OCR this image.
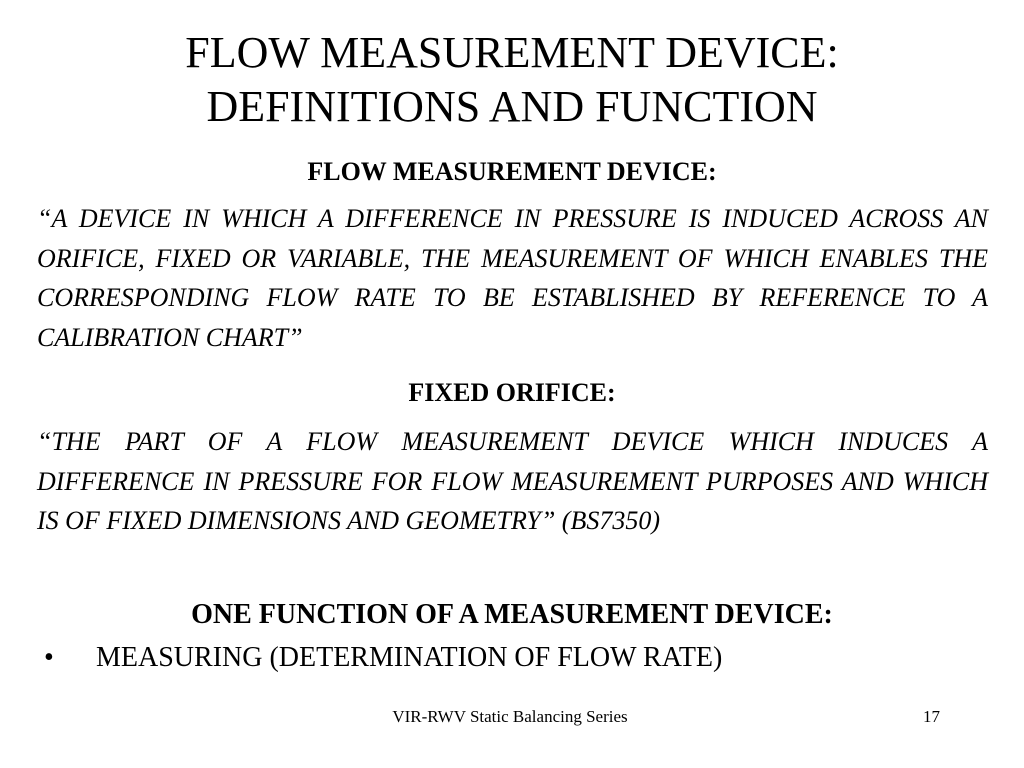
FLOW MEASUREMENT DEVICE:
DEFINITIONS AND FUNCTION
FLOW MEASUREMENT DEVICE:

“A DEVICE IN WHICH A DIFFERENCE IN PRESSURE IS INDUCED ACROSS AN ORIFICE, FIXED OR VARIABLE, THE MEASUREMENT OF WHICH ENABLES THE CORRESPONDING FLOW RATE TO BE ESTABLISHED BY REFERENCE TO A CALIBRATION CHART”

FIXED ORIFICE:

“THE PART OF A FLOW MEASUREMENT DEVICE WHICH INDUCES A DIFFERENCE IN PRESSURE FOR FLOW MEASUREMENT PURPOSES AND WHICH IS OF FIXED DIMENSIONS AND GEOMETRY” (BS7350)

ONE FUNCTION OF A MEASUREMENT DEVICE:
• MEASURING (DETERMINATION OF FLOW RATE)
VIR-RWV Static Balancing Series	17
